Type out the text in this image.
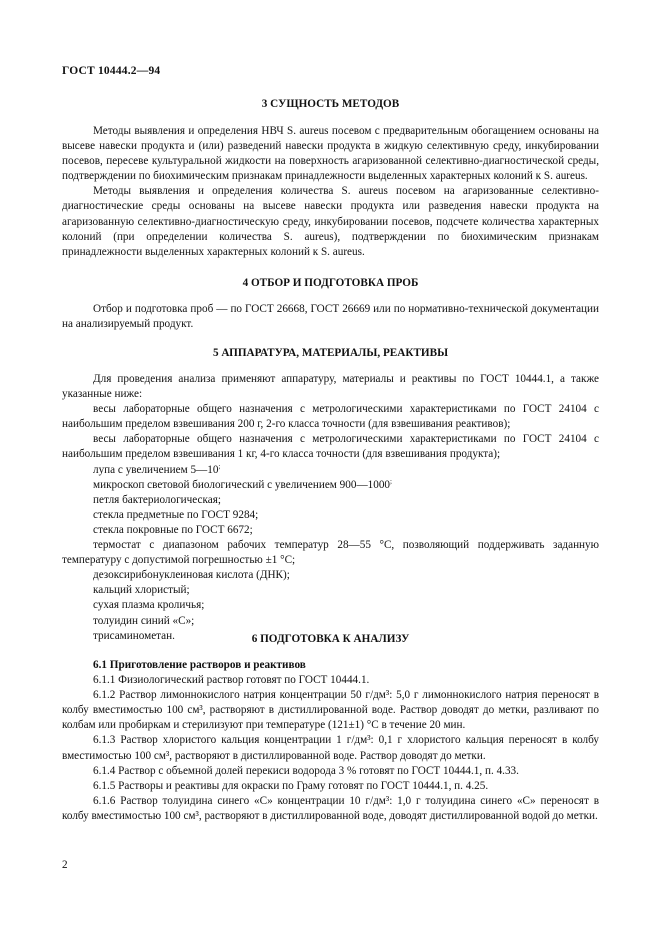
ГОСТ 10444.2—94
3 СУЩНОСТЬ МЕТОДОВ

Методы выявления и определения НВЧ S. aureus посевом с предварительным обогащением основаны на высеве навески продукта и (или) разведений навески продукта в жидкую селективную среду, инкубировании посевов, пересеве культуральной жидкости на поверхность агаризованной селективно-диагностической среды, подтверждении по биохимическим признакам принадлежности выделенных характерных колоний к S. aureus.

Методы выявления и определения количества S. aureus посевом на агаризованные селективно-диагностические среды основаны на высеве навески продукта или разведения навески продукта на агаризованную селективно-диагностическую среду, инкубировании посевов, подсчете количества характерных колоний (при определении количества S. aureus), подтверждении по биохимическим признакам принадлежности выделенных характерных колоний к S. aureus.

4 ОТБОР И ПОДГОТОВКА ПРОБ

Отбор и подготовка проб — по ГОСТ 26668, ГОСТ 26669 или по нормативно-технической документации на анализируемый продукт.

5 АППАРАТУРА, МАТЕРИАЛЫ, РЕАКТИВЫ

Для проведения анализа применяют аппаратуру, материалы и реактивы по ГОСТ 10444.1, а также указанные ниже:

весы лабораторные общего назначения с метрологическими характеристиками по ГОСТ 24104 с наибольшим пределом взвешивания 200 г, 2-го класса точности (для взвешивания реактивов);

весы лабораторные общего назначения с метрологическими характеристиками по ГОСТ 24104 с наибольшим пределом взвешивания 1 кг, 4-го класса точности (для взвешивания продукта);

лупа с увеличением 5—10;

микроскоп световой биологический с увеличением 900—1000;

петля бактериологическая;

стекла предметные по ГОСТ 9284;

стекла покровные по ГОСТ 6672;

термостат с диапазоном рабочих температур 28—55 °С, позволяющий поддерживать заданную температуру с допустимой погрешностью ±1 °С;

дезоксирибонуклеиновая кислота (ДНК);

кальций хлористый;

сухая плазма кроличья;

толуидин синий «С»;

трисаминометан.	6 ПОДГОТОВКА К АНАЛИЗУ

6.1 Приготовление растворов и реактивов

6.1.1 Физиологический раствор готовят по ГОСТ 10444.1.

6.1.2 Раствор лимоннокислого натрия концентрации 50 г/дм³: 5,0 г лимоннокислого натрия переносят в колбу вместимостью 100 см³, растворяют в дистиллированной воде. Раствор доводят до метки, разливают по колбам или пробиркам и стерилизуют при температуре (121±1) °С в течение 20 мин.

6.1.3 Раствор хлористого кальция концентрации 1 г/дм³: 0,1 г хлористого кальция переносят в колбу вместимостью 100 см³, растворяют в дистиллированной воде. Раствор доводят до метки.

6.1.4 Раствор с объемной долей перекиси водорода 3 % готовят по ГОСТ 10444.1, п. 4.33.

6.1.5 Растворы и реактивы для окраски по Граму готовят по ГОСТ 10444.1, п. 4.25.

6.1.6 Раствор толуидина синего «С» концентрации 10 г/дм³: 1,0 г толуидина синего «С» переносят в колбу вместимостью 100 см³, растворяют в дистиллированной воде, доводят дистиллированной водой до метки.

2
